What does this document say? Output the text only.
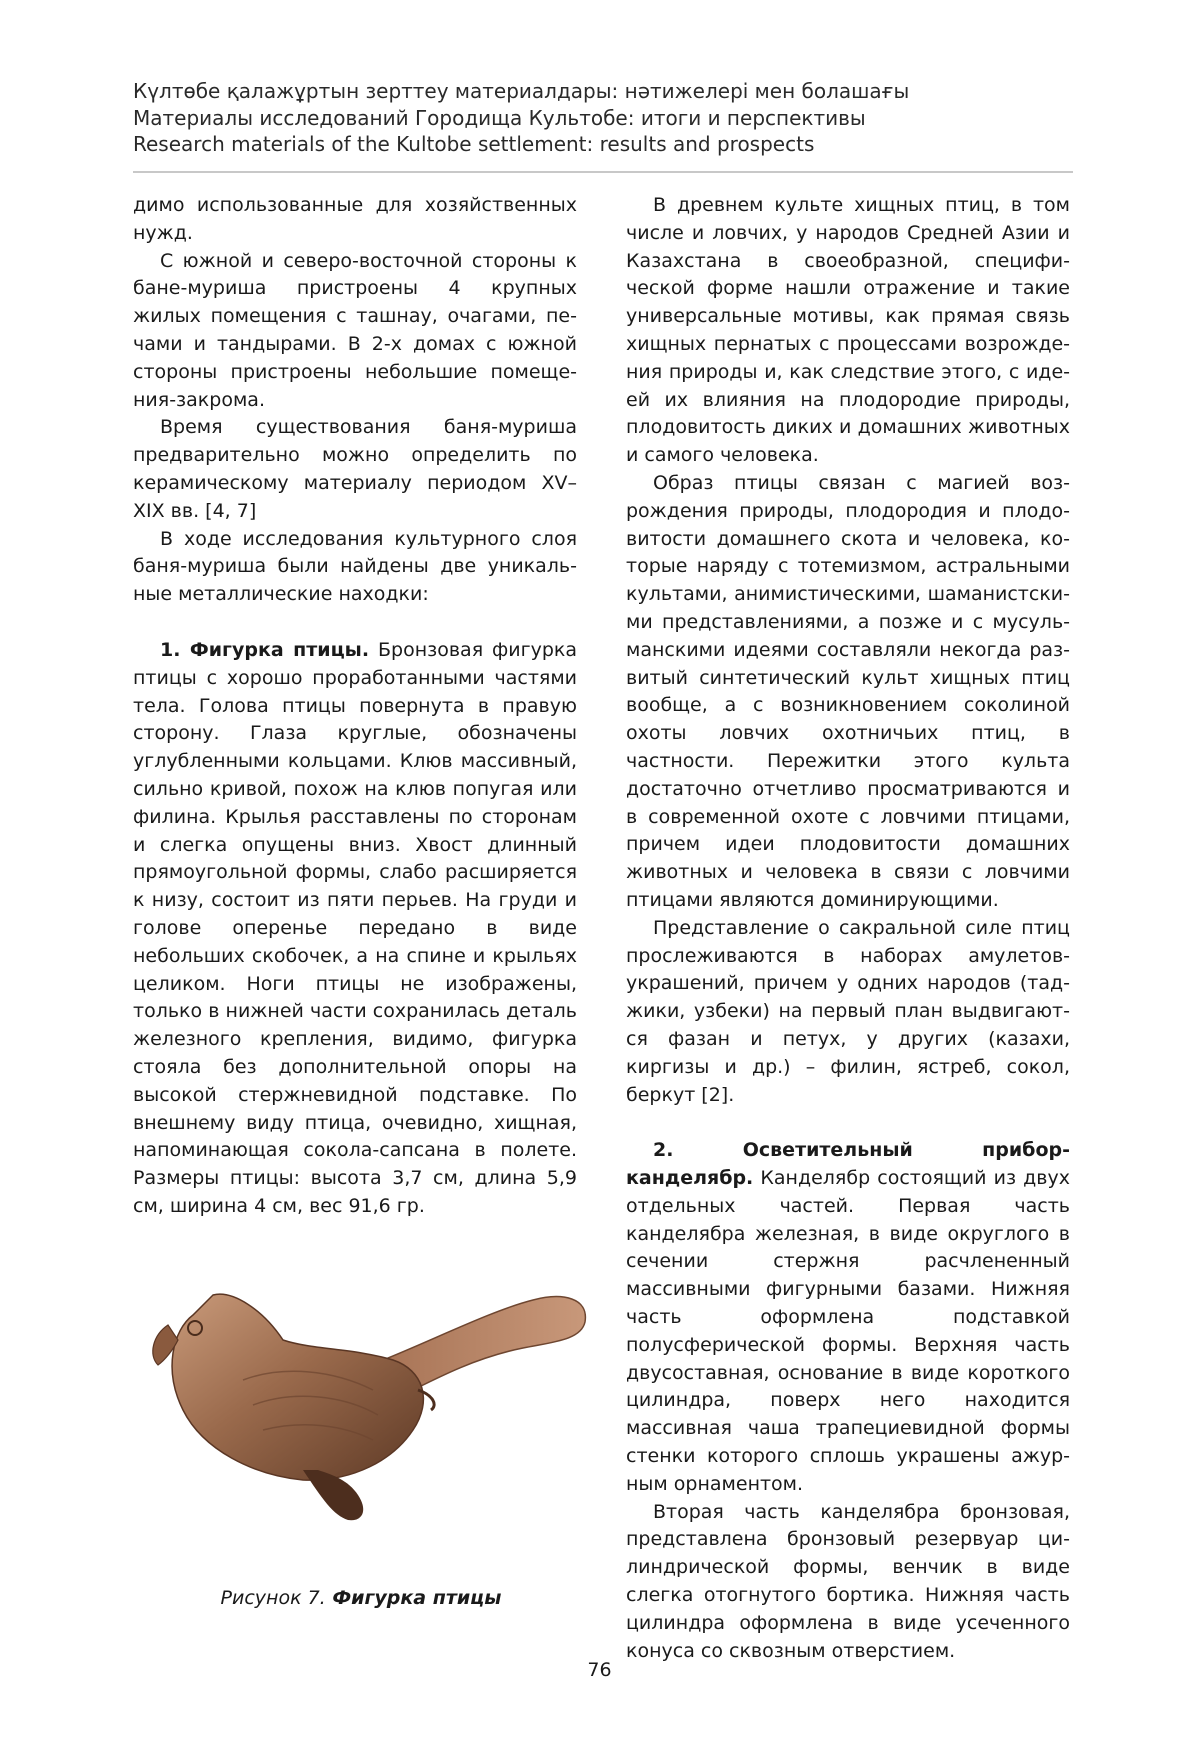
Күлтөбе қалажұртын зерттеу материалдары: нәтижелері мен болашағы
Материалы исследований Городища Культобе: итоги и перспективы
Research materials of the Kultobe settlement: results and prospects

димо использованные для хозяйственных нужд.

С южной и северо-восточной стороны к бане-муриша пристроены 4 крупных жилых помещения с ташнау, очагами, печами и тандырами. В 2-х домах с южной стороны пристроены небольшие помещения-закрома.

Время существования баня-муриша предварительно можно определить по керамическому материалу периодом XV–XIX вв. [4, 7]

В ходе исследования культурного слоя баня-муриша были найдены две уникальные металлические находки:

1. Фигурка птицы. Бронзовая фигурка птицы с хорошо проработанными частями тела. Голова птицы повернута в правую сторону. Глаза круглые, обозначены углубленными кольцами. Клюв массивный, сильно кривой, похож на клюв попугая или филина. Крылья расставлены по сторонам и слегка опущены вниз. Хвост длинный прямоугольной формы, слабо расширяется к низу, состоит из пяти перьев. На груди и голове оперенье передано в виде небольших скобочек, а на спине и крыльях целиком. Ноги птицы не изображены, только в нижней части сохранилась деталь железного крепления, видимо, фигурка стояла без дополнительной опоры на высокой стержневидной подставке. По внешнему виду птица, очевидно, хищная, напоминающая сокола-сапсана в полете. Размеры птицы: высота 3,7 см, длина 5,9 см, ширина 4 см, вес 91,6 гр.

Рисунок 7. Фигурка птицы

В древнем культе хищных птиц, в том числе и ловчих, у народов Средней Азии и Казахстана в своеобразной, специфической форме нашли отражение и такие универсальные мотивы, как прямая связь хищных пернатых с процессами возрождения природы и, как следствие этого, с идеей их влияния на плодородие природы, плодовитость диких и домашних животных и самого человека.

Образ птицы связан с магией возрождения природы, плодородия и плодовитости домашнего скота и человека, которые наряду с тотемизмом, астральными культами, анимистическими, шаманистскими представлениями, а позже и с мусульманскими идеями составляли некогда развитый синтетический культ хищных птиц вообще, а с возникновением соколиной охоты ловчих охотничьих птиц, в частности. Пережитки этого культа достаточно отчетливо просматриваются и в современной охоте с ловчими птицами, причем идеи плодовитости домашних животных и человека в связи с ловчими птицами являются доминирующими.

Представление о сакральной силе птиц прослеживаются в наборах амулетов-украшений, причем у одних народов (таджики, узбеки) на первый план выдвигаются фазан и петух, у других (казахи, киргизы и др.) – филин, ястреб, сокол, беркут [2].

2. Осветительный прибор-канделябр. Канделябр состоящий из двух отдельных частей. Первая часть канделябра железная, в виде округлого в сечении стержня расчлененный массивными фигурными базами. Нижняя часть оформлена подставкой полусферической формы. Верхняя часть двусоставная, основание в виде короткого цилиндра, поверх него находится массивная чаша трапециевидной формы стенки которого сплошь украшены ажурным орнаментом.

Вторая часть канделябра бронзовая, представлена бронзовый резервуар цилиндрической формы, венчик в виде слегка отогнутого бортика. Нижняя часть цилиндра оформлена в виде усеченного конуса со сквозным отверстием.

76
